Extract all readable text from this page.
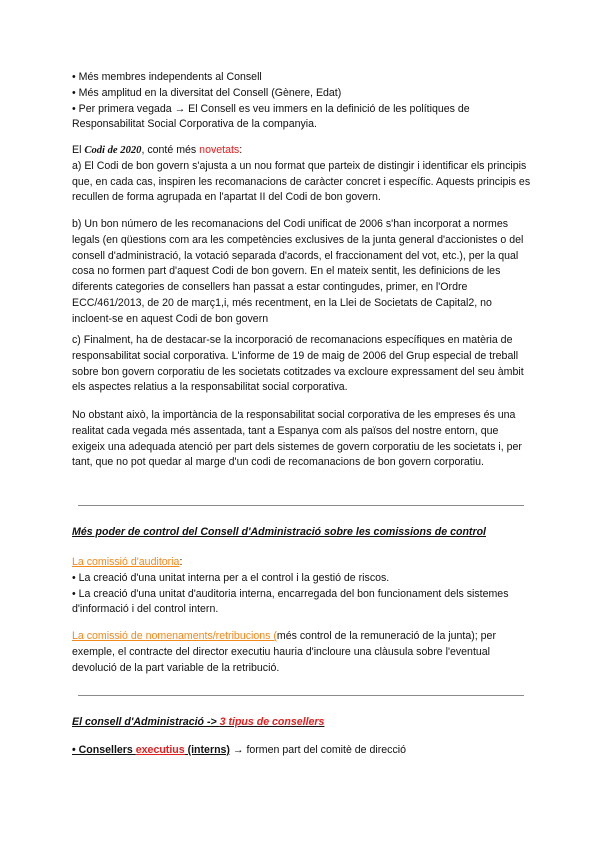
• Més membres independents al Consell

• Més amplitud en la diversitat del Consell (Gènere, Edat)

• Per primera vegada → El Consell es veu immers en la definició de les polítiques de Responsabilitat Social Corporativa de la companyia.

El Codi de 2020, conté més novetats:

a) El Codi de bon govern s'ajusta a un nou format que parteix de distingir i identificar els principis que, en cada cas, inspiren les recomanacions de caràcter concret i específic. Aquests principis es recullen de forma agrupada en l'apartat II del Codi de bon govern.

b) Un bon número de les recomanacions del Codi unificat de 2006 s'han incorporat a normes legals (en qüestions com ara les competències exclusives de la junta general d'accionistes o del consell d'administració, la votació separada d'acords, el fraccionament del vot, etc.), per la qual cosa no formen part d'aquest Codi de bon govern. En el mateix sentit, les definicions de les diferents categories de consellers han passat a estar contingudes, primer, en l'Ordre ECC/461/2013, de 20 de març1,i, més recentment, en la Llei de Societats de Capital2, no incloent-se en aquest Codi de bon govern
c) Finalment, ha de destacar-se la incorporació de recomanacions específiques en matèria de responsabilitat social corporativa. L'informe de 19 de maig de 2006 del Grup especial de treball sobre bon govern corporatiu de les societats cotitzades va excloure expressament del seu àmbit els aspectes relatius a la responsabilitat social corporativa.
No obstant això, la importància de la responsabilitat social corporativa de les empreses és una realitat cada vegada més assentada, tant a Espanya com als països del nostre entorn, que exigeix una adequada atenció per part dels sistemes de govern corporatiu de les societats i, per tant, que no pot quedar al marge d'un codi de recomanacions de bon govern corporatiu.

Més poder de control del Consell d'Administració sobre les comissions de control

La comissió d'auditoria:

• La creació d'una unitat interna per a el control i la gestió de riscos.

• La creació d'una unitat d'auditoria interna, encarregada del bon funcionament dels sistemes d'informació i del control intern.

La comissió de nomenaments/retribucions (més control de la remuneració de la junta); per exemple, el contracte del director executiu hauria d'incloure una clàusula sobre l'eventual devolució de la part variable de la retribució.

El consell d'Administració -> 3 tipus de consellers

• Consellers executius (interns) → formen part del comitè de direcció
